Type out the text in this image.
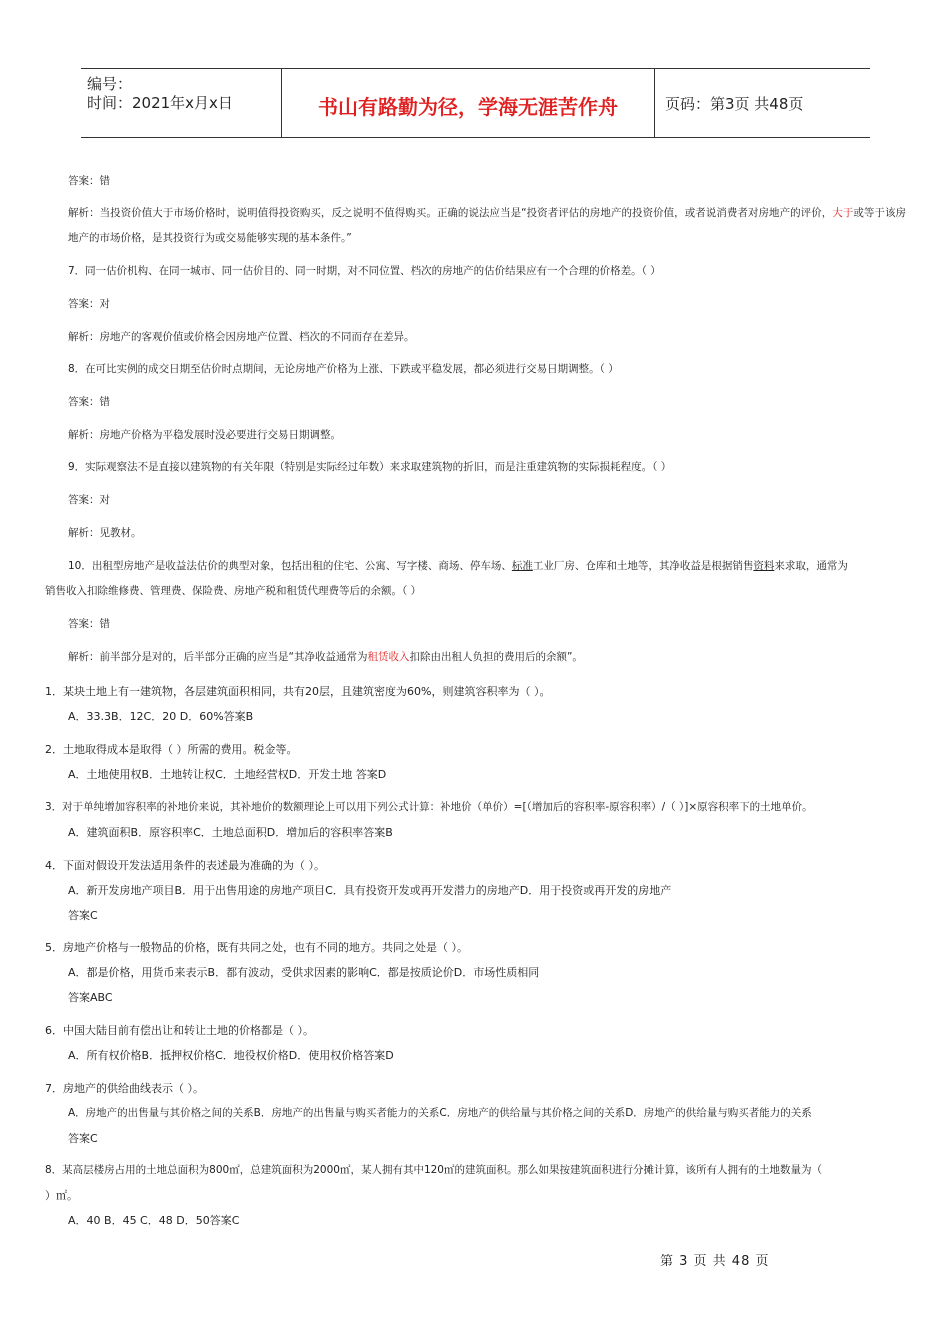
编号：
时间：2021年x月x日	书山有路勤为径，学海无涯苦作舟	页码：第3页 共48页
答案：错
解析：当投资价值大于市场价格时，说明值得投资购买，反之说明不值得购买。正确的说法应当是“投资者评估的房地产的投资价值，或者说消费者对房地产的评价，大于或等于该房地产的市场价格，是其投资行为或交易能够实现的基本条件。”
7．同一估价机构、在同一城市、同一估价目的、同一时期，对不同位置、档次的房地产的估价结果应有一个合理的价格差。（ ）
答案：对
解析：房地产的客观价值或价格会因房地产位置、档次的不同而存在差异。
8．在可比实例的成交日期至估价时点期间，无论房地产价格为上涨、下跌或平稳发展，都必须进行交易日期调整。（ ）
答案：错
解析：房地产价格为平稳发展时没必要进行交易日期调整。
9．实际观察法不是直接以建筑物的有关年限（特别是实际经过年数）来求取建筑物的折旧，而是注重建筑物的实际损耗程度。（ ）
答案：对
解析：见教材。
10．出租型房地产是收益法估价的典型对象，包括出租的住宅、公寓、写字楼、商场、停车场、标准工业厂房、仓库和土地等，其净收益是根据销售资料来求取，通常为
销售收入扣除维修费、管理费、保险费、房地产税和租赁代理费等后的余额。（ ）
答案：错
解析：前半部分是对的，后半部分正确的应当是“其净收益通常为租赁收入扣除由出租人负担的费用后的余额”。
1．某块土地上有一建筑物，各层建筑面积相同，共有20层，且建筑密度为60%，则建筑容积率为（ ）。
A．33.3B．12C．20 D．60%答案B
2．土地取得成本是取得（ ）所需的费用。税金等。
A．土地使用权B．土地转让权C．土地经营权D．开发土地 答案D
3．对于单纯增加容积率的补地价来说，其补地价的数额理论上可以用下列公式计算：补地价（单价）=[（增加后的容积率-原容积率）/（ ）]×原容积率下的土地单价。
A．建筑面积B．原容积率C．土地总面积D．增加后的容积率答案B
4．下面对假设开发法适用条件的表述最为准确的为（ ）。
A．新开发房地产项目B．用于出售用途的房地产项目C．具有投资开发或再开发潜力的房地产D．用于投资或再开发的房地产
答案C
5．房地产价格与一般物品的价格，既有共同之处，也有不同的地方。共同之处是（ ）。
A．都是价格，用货币来表示B．都有波动，受供求因素的影响C．都是按质论价D．市场性质相同
答案ABC
6．中国大陆目前有偿出让和转让土地的价格都是（ ）。
A．所有权价格B．抵押权价格C．地役权价格D．使用权价格答案D
7．房地产的供给曲线表示（ ）。
A．房地产的出售量与其价格之间的关系B．房地产的出售量与购买者能力的关系C．房地产的供给量与其价格之间的关系D．房地产的供给量与购买者能力的关系
答案C
8．某高层楼房占用的土地总面积为800㎡，总建筑面积为2000㎡，某人拥有其中120㎡的建筑面积。那么如果按建筑面积进行分摊计算，该所有人拥有的土地数量为（
）㎡。
A．40 B．45 C．48 D．50答案C
第 3 页 共 48 页
